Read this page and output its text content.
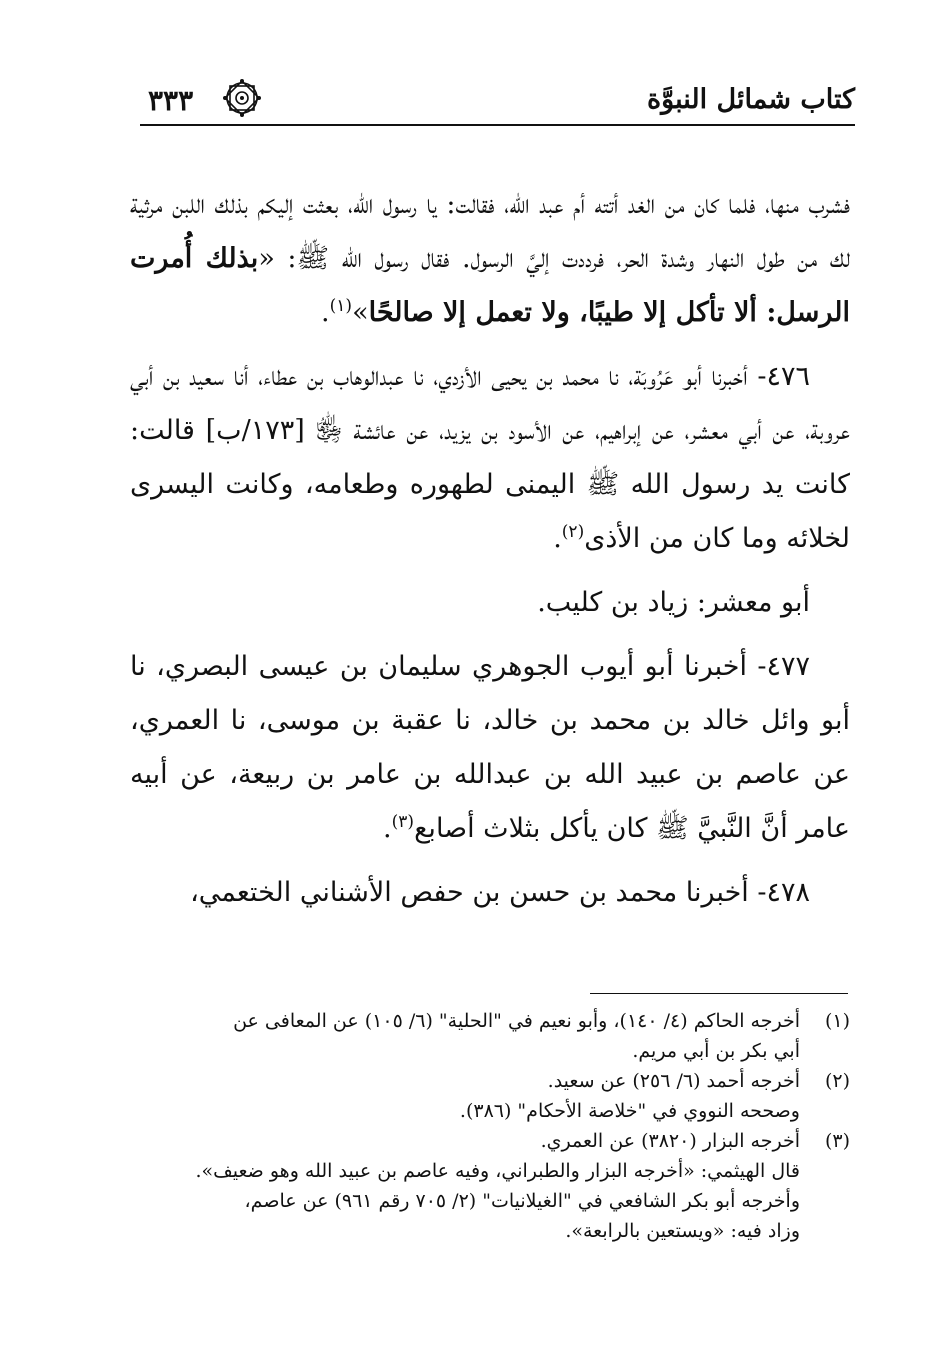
كتاب شمائل النبوَّة
٣٣٣

فشرب منها، فلما كان من الغد أتته أم عبد الله، فقالت: يا رسول الله، بعثت إليكم بذلك اللبن مرثية لك من طول النهار وشدة الحر، فرددت إليَّ الرسول. فقال رسول الله ﷺ: «بذلك أُمرت الرسل: ألا تأكل إلا طيبًا، ولا تعمل إلا صالحًا»$^{(١)}$.

٤٧٦- أخبرنا أبو عَرُوبَة، نا محمد بن يحيى الأزدي، نا عبدالوهاب بن عطاء، أنا سعيد بن أبي عروبة، عن أبي معشر، عن إبراهيم، عن الأسود بن يزيد، عن عائشة ﵂ [١٧٣/ب] قالت: كانت يد رسول الله ﷺ اليمنى لطهوره وطعامه، وكانت اليسرى لخلائه وما كان من الأذى$^{(٢)}$.

أبو معشر: زياد بن كليب.

٤٧٧- أخبرنا أبو أيوب الجوهري سليمان بن عيسى البصري، نا أبو وائل خالد بن محمد بن خالد، نا عقبة بن موسى، نا العمري، عن عاصم بن عبيد الله بن عبدالله بن عامر بن ربيعة، عن أبيه عامر أنَّ النَّبيَّ ﷺ كان يأكل بثلاث أصابع$^{(٣)}$.

٤٧٨- أخبرنا محمد بن حسن بن حفص الأشناني الختعمي،

(١)
أخرجه الحاكم (٤/ ١٤٠)، وأبو نعيم في "الحلية" (٦/ ١٠٥) عن المعافى عن
أبي بكر بن أبي مريم.
(٢)
أخرجه أحمد (٦/ ٢٥٦) عن سعيد.
وصححه النووي في "خلاصة الأحكام" (٣٨٦).
(٣)
أخرجه البزار (٣٨٢٠) عن العمري.
قال الهيثمي: «أخرجه البزار والطبراني، وفيه عاصم بن عبيد الله وهو ضعيف».
وأخرجه أبو بكر الشافعي في "الغيلانيات" (٢/ ٧٠٥ رقم ٩٦١) عن عاصم،
وزاد فيه: «ويستعين بالرابعة».
